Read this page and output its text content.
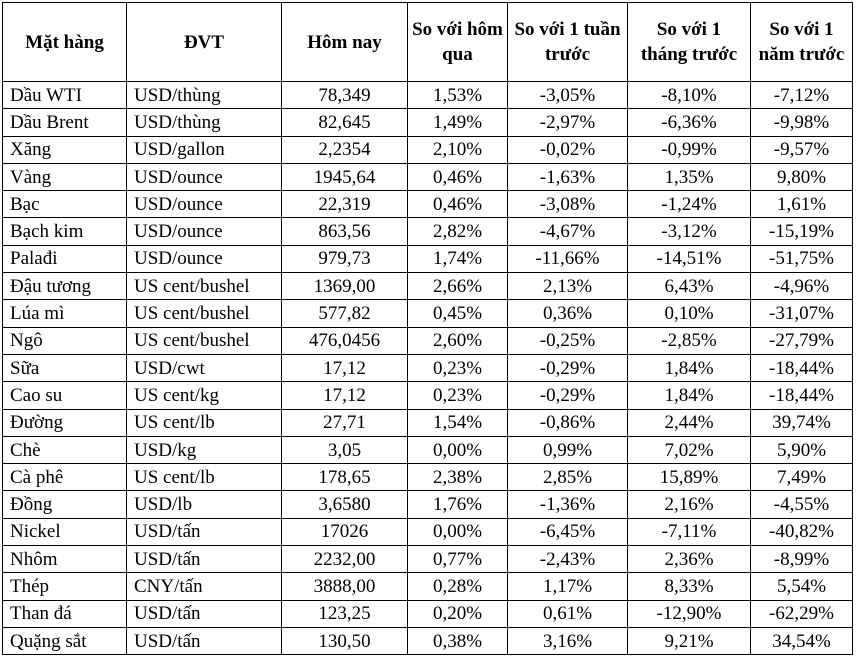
Mặt hàng	ĐVT	Hôm nay	So với hôm qua	So với 1 tuần trước	So với 1 tháng trước	So với 1 năm trước
Dầu WTI	USD/thùng	78,349	1,53%	-3,05%	-8,10%	-7,12%
Dầu Brent	USD/thùng	82,645	1,49%	-2,97%	-6,36%	-9,98%
Xăng	USD/gallon	2,2354	2,10%	-0,02%	-0,99%	-9,57%
Vàng	USD/ounce	1945,64	0,46%	-1,63%	1,35%	9,80%
Bạc	USD/ounce	22,319	0,46%	-3,08%	-1,24%	1,61%
Bạch kim	USD/ounce	863,56	2,82%	-4,67%	-3,12%	-15,19%
Palađi	USD/ounce	979,73	1,74%	-11,66%	-14,51%	-51,75%
Đậu tương	US cent/bushel	1369,00	2,66%	2,13%	6,43%	-4,96%
Lúa mì	US cent/bushel	577,82	0,45%	0,36%	0,10%	-31,07%
Ngô	US cent/bushel	476,0456	2,60%	-0,25%	-2,85%	-27,79%
Sữa	USD/cwt	17,12	0,23%	-0,29%	1,84%	-18,44%
Cao su	US cent/kg	17,12	0,23%	-0,29%	1,84%	-18,44%
Đường	US cent/lb	27,71	1,54%	-0,86%	2,44%	39,74%
Chè	USD/kg	3,05	0,00%	0,99%	7,02%	5,90%
Cà phê	US cent/lb	178,65	2,38%	2,85%	15,89%	7,49%
Đồng	USD/lb	3,6580	1,76%	-1,36%	2,16%	-4,55%
Nickel	USD/tấn	17026	0,00%	-6,45%	-7,11%	-40,82%
Nhôm	USD/tấn	2232,00	0,77%	-2,43%	2,36%	-8,99%
Thép	CNY/tấn	3888,00	0,28%	1,17%	8,33%	5,54%
Than đá	USD/tấn	123,25	0,20%	0,61%	-12,90%	-62,29%
Quặng sắt	USD/tấn	130,50	0,38%	3,16%	9,21%	34,54%
